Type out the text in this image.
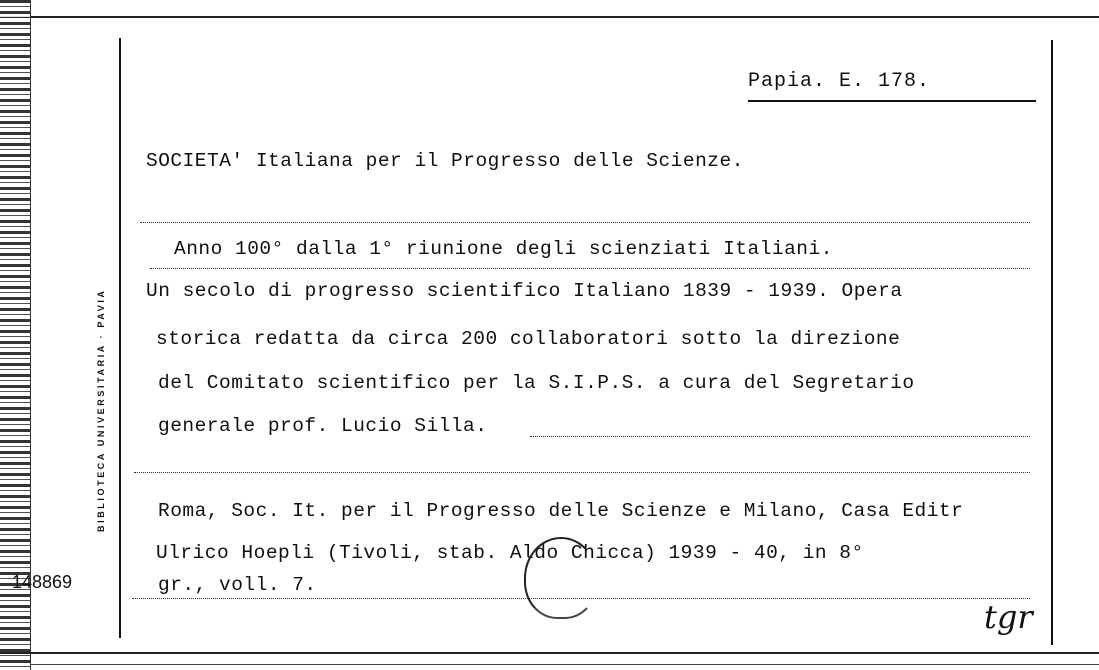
BIBLIOTECA UNIVERSITARIA · PAVIA
148869
Papia. E. 178.
SOCIETA' Italiana per il Progresso delle Scienze.
Anno 100° dalla 1° riunione degli scienziati Italiani.
Un secolo di progresso scientifico Italiano 1839 - 1939. Opera
storica redatta da circa 200 collaboratori sotto la direzione
del Comitato scientifico per la S.I.P.S. a cura del Segretario
generale prof. Lucio Silla.
Roma, Soc. It. per il Progresso delle Scienze e Milano, Casa Editr
Ulrico Hoepli (Tivoli, stab. Aldo Chicca) 1939 - 40, in 8°
gr., voll. 7.
tgr
